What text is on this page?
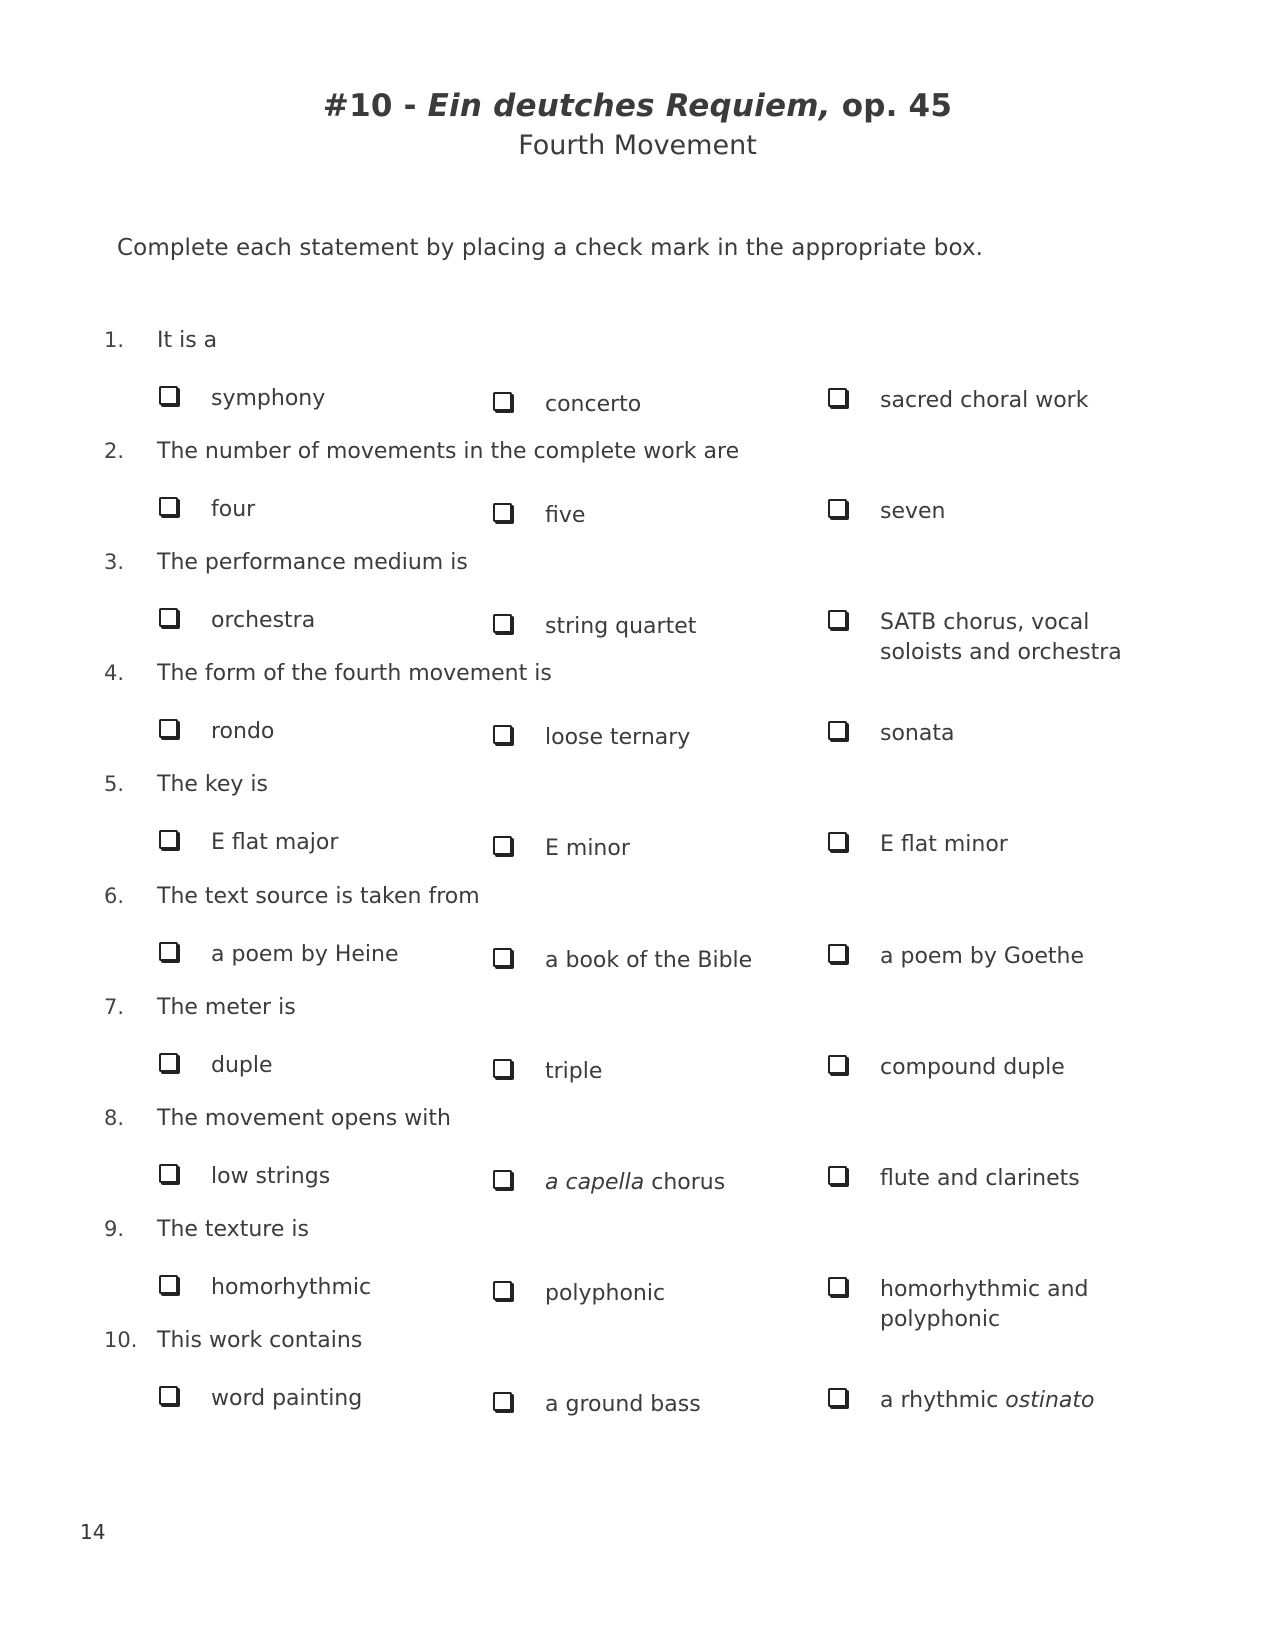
#10 - Ein deutches Requiem, op. 45
Fourth Movement
Complete each statement by placing a check mark in the appropriate box.
1. It is a
symphony	concerto	sacred choral work
2. The number of movements in the complete work are
four	five	seven
3. The performance medium is
orchestra	string quartet	SATB chorus, vocal
soloists and orchestra
4. The form of the fourth movement is
rondo	loose ternary	sonata
5. The key is
E flat major	E minor	E flat minor
6. The text source is taken from
a poem by Heine	a book of the Bible	a poem by Goethe
7. The meter is
duple	triple	compound duple
8. The movement opens with
low strings	a capella chorus	flute and clarinets
9. The texture is
homorhythmic	polyphonic	homorhythmic and
polyphonic
10. This work contains
word painting	a ground bass	a rhythmic ostinato
14
